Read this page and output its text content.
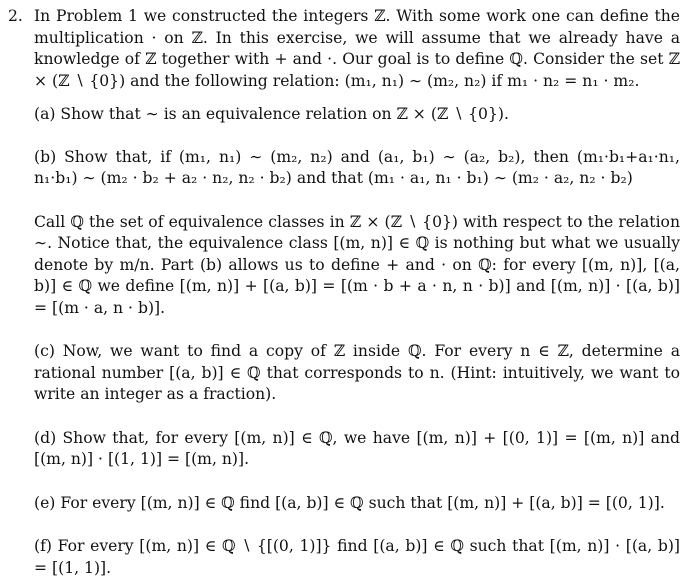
2. In Problem 1 we constructed the integers ℤ. With some work one can define the multiplication · on ℤ. In this exercise, we will assume that we already have a knowledge of ℤ together with + and ·. Our goal is to define ℚ. Consider the set ℤ × (ℤ ∖ {0}) and the following relation: (m₁, n₁) ∼ (m₂, n₂) if m₁ · n₂ = n₁ · m₂.

(a) Show that ∼ is an equivalence relation on ℤ × (ℤ ∖ {0}).

(b) Show that, if (m₁, n₁) ∼ (m₂, n₂) and (a₁, b₁) ∼ (a₂, b₂), then (m₁·b₁+a₁·n₁, n₁·b₁) ∼ (m₂ · b₂ + a₂ · n₂, n₂ · b₂) and that (m₁ · a₁, n₁ · b₁) ∼ (m₂ · a₂, n₂ · b₂)

Call ℚ the set of equivalence classes in ℤ × (ℤ ∖ {0}) with respect to the relation ∼. Notice that, the equivalence class [(m, n)] ∈ ℚ is nothing but what we usually denote by m/n. Part (b) allows us to define + and · on ℚ: for every [(m, n)], [(a, b)] ∈ ℚ we define [(m, n)] + [(a, b)] = [(m · b + a · n, n · b)] and [(m, n)] · [(a, b)] = [(m · a, n · b)].

(c) Now, we want to find a copy of ℤ inside ℚ. For every n ∈ ℤ, determine a rational number [(a, b)] ∈ ℚ that corresponds to n. (Hint: intuitively, we want to write an integer as a fraction).

(d) Show that, for every [(m, n)] ∈ ℚ, we have [(m, n)] + [(0, 1)] = [(m, n)] and [(m, n)] · [(1, 1)] = [(m, n)].

(e) For every [(m, n)] ∈ ℚ find [(a, b)] ∈ ℚ such that [(m, n)] + [(a, b)] = [(0, 1)].

(f) For every [(m, n)] ∈ ℚ ∖ {[(0, 1)]} find [(a, b)] ∈ ℚ such that [(m, n)] · [(a, b)] = [(1, 1)].
